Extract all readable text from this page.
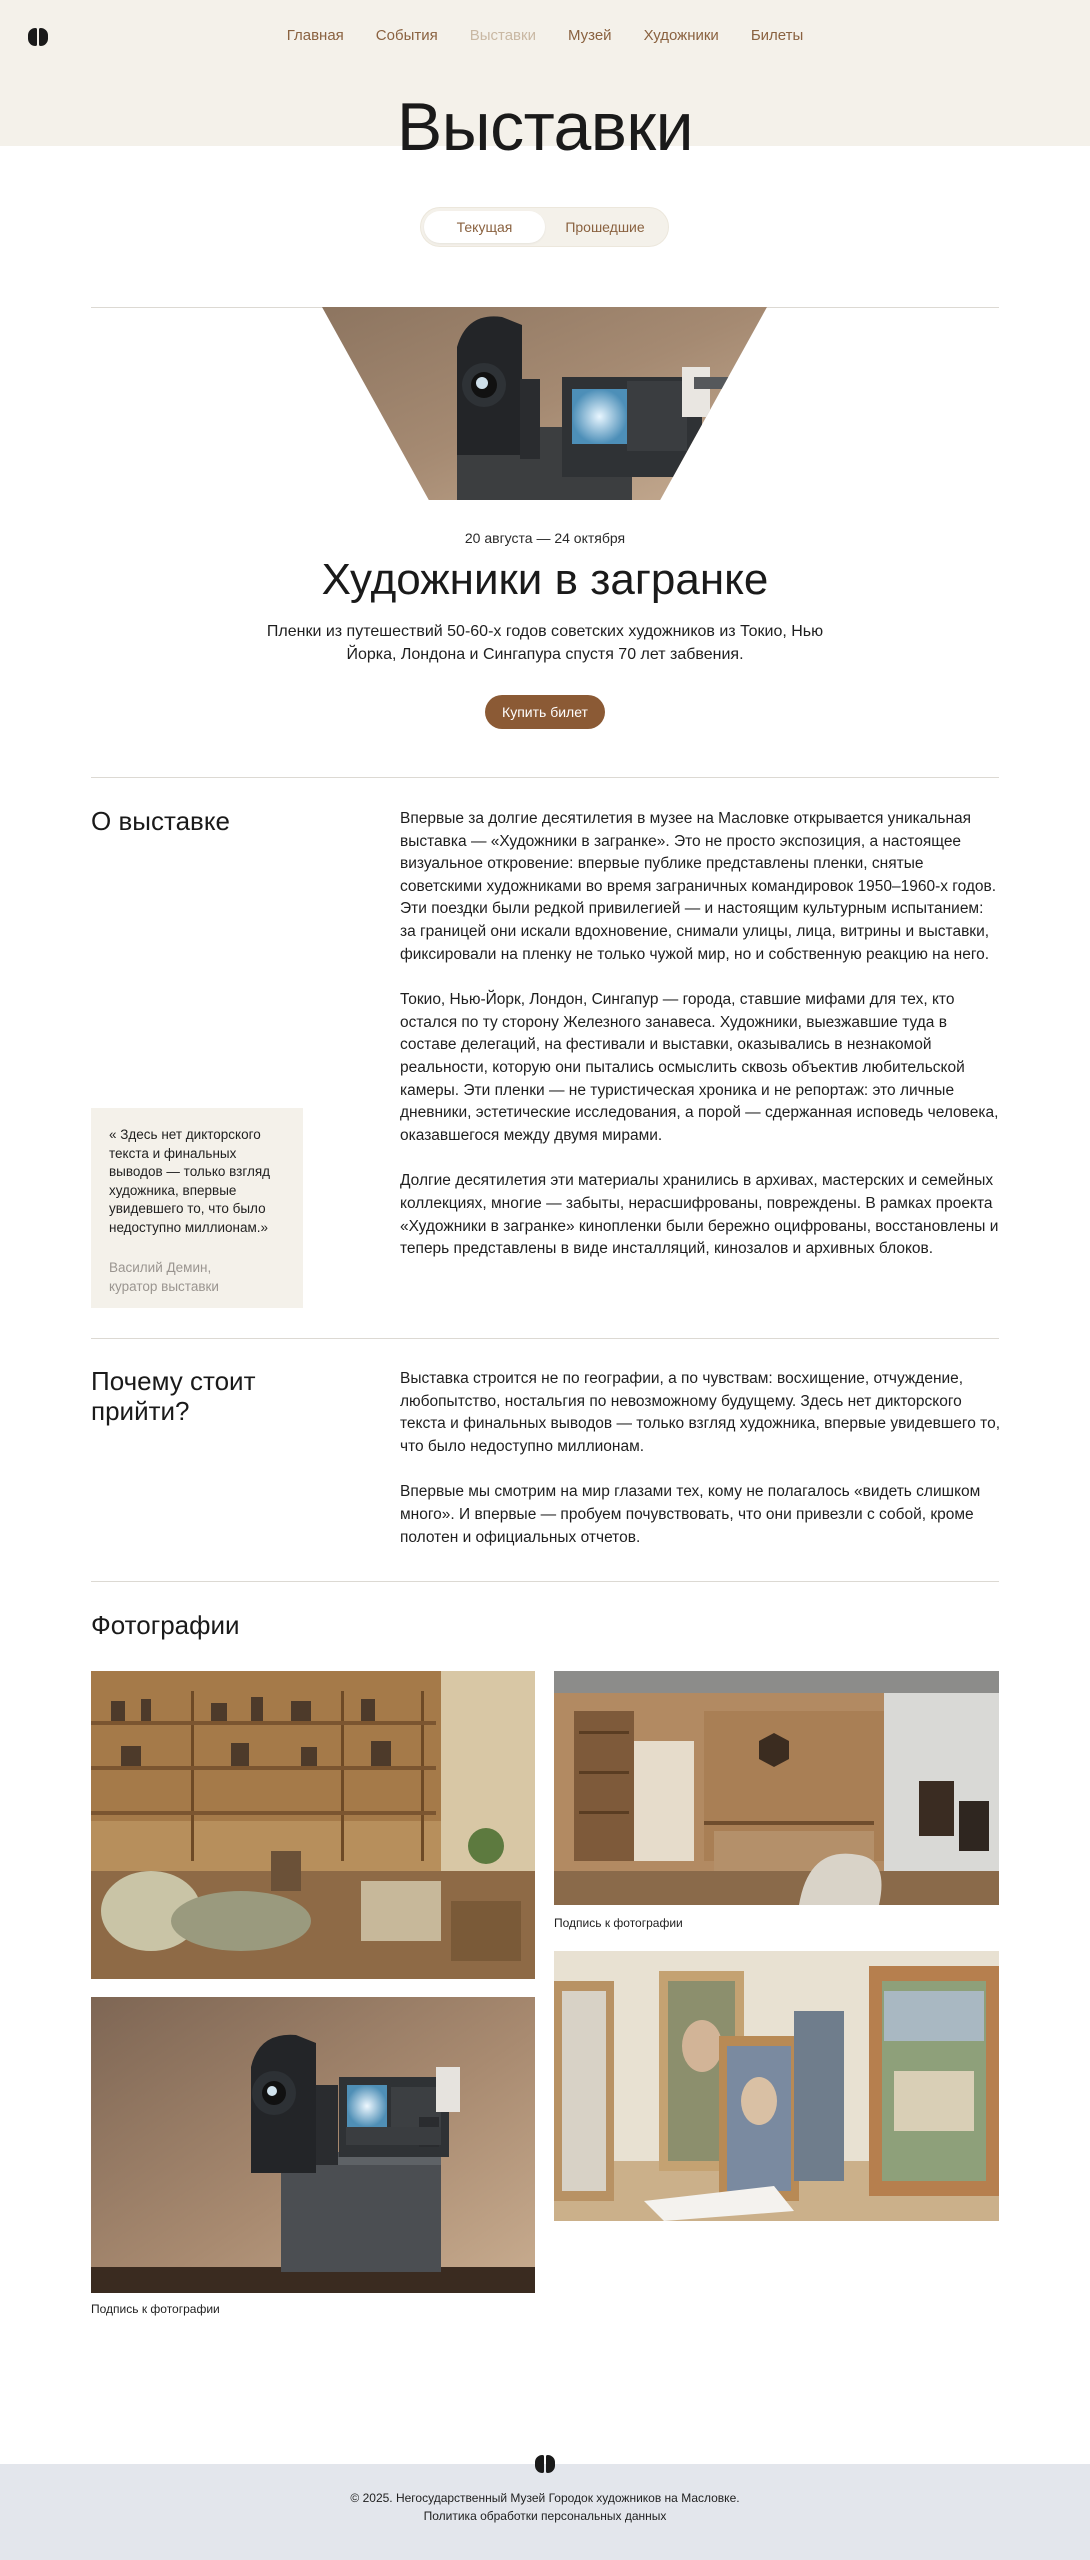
Главная События Выставки Музей Художники Билеты
Выставки
Текущая	Прошедшие
20 августа — 24 октября
Художники в загранке

Пленки из путешествий 50-60-х годов советских художников из Токио, Нью Йорка, Лондона и Сингапура спустя 70 лет забвения.

Купить билет
О выставке	Впервые за долгие десятилетия в музее на Масловке открывается уникальная выставка — «Художники в загранке». Это не просто экспозиция, а настоящее визуальное откровение: впервые публике представлены пленки, снятые советскими художниками во время заграничных командировок 1950–1960-х годов. Эти поездки были редкой привилегией — и настоящим культурным испытанием: за границей они искали вдохновение, снимали улицы, лица, витрины и выставки, фиксировали на пленку не только чужой мир, но и собственную реакцию на него.

Токио, Нью-Йорк, Лондон, Сингапур — города, ставшие мифами для тех, кто остался по ту сторону Железного занавеса. Художники, выезжавшие туда в составе делегаций, на фестивали и выставки, оказывались в незнакомой реальности, которую они пытались осмыслить сквозь объектив любительской камеры. Эти пленки — не туристическая хроника и не репортаж: это личные дневники, эстетические исследования, а порой — сдержанная исповедь человека, оказавшегося между двумя мирами.

Долгие десятилетия эти материалы хранились в архивах, мастерских и семейных коллекциях, многие — забыты, нерасшифрованы, повреждены. В рамках проекта «Художники в загранке» кинопленки были бережно оцифрованы, восстановлены и теперь представлены в виде инсталляций, кинозалов и архивных блоков.

« Здесь нет дикторского текста и финальных выводов — только взгляд художника, впервые увидевшего то, что было недоступно миллионам.»
Василий Демин,
куратор выставки
Почему стоит прийти?

Выставка строится не по географии, а по чувствам: восхищение, отчуждение, любопытство, ностальгия по невозможному будущему. Здесь нет дикторского текста и финальных выводов — только взгляд художника, впервые увидевшего то, что было недоступно миллионам.

Впервые мы смотрим на мир глазами тех, кому не полагалось «видеть слишком много». И впервые — пробуем почувствовать, что они привезли с собой, кроме полотен и официальных отчетов.

Фотографии
Подпись к фотографии
Подпись к фотографии
© 2025. Негосударственный Музей Городок художников на Масловке.
Политика обработки персональных данных
